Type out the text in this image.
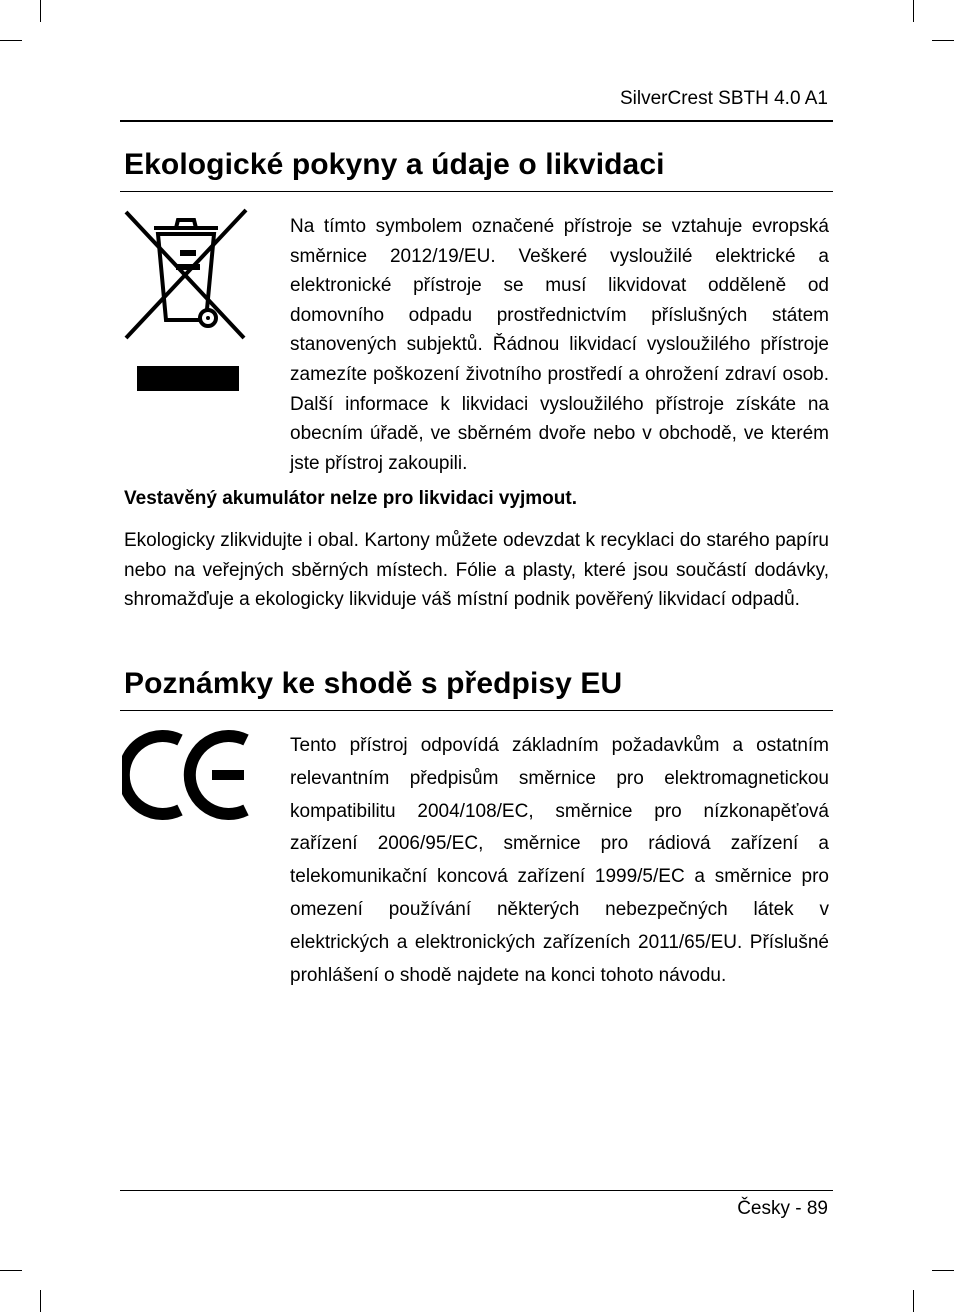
SilverCrest SBTH 4.0 A1
Ekologické pokyny a údaje o likvidaci

Na tímto symbolem označené přístroje se vztahuje evropská směrnice 2012/19/EU. Veškeré vysloužilé elektrické a elektronické přístroje se musí likvidovat odděleně od domovního odpadu prostřednictvím příslušných státem stanovených subjektů. Řádnou likvidací vysloužilého přístroje zamezíte poškození životního prostředí a ohrožení zdraví osob. Další informace k likvidaci vysloužilého přístroje získáte na obecním úřadě, ve sběrném dvoře nebo v obchodě, ve kterém jste přístroj zakoupili.

Vestavěný akumulátor nelze pro likvidaci vyjmout.

Ekologicky zlikvidujte i obal. Kartony můžete odevzdat k recyklaci do starého papíru nebo na veřejných sběrných místech. Fólie a plasty, které jsou součástí dodávky, shromažďuje a ekologicky likviduje váš místní podnik pověřený likvidací odpadů.

Poznámky ke shodě s předpisy EU

Tento přístroj odpovídá základním požadavkům a ostatním relevantním předpisům směrnice pro elektromagnetickou kompatibilitu 2004/108/EC, směrnice pro nízkonapěťová zařízení 2006/95/EC, směrnice pro rádiová zařízení a telekomunikační koncová zařízení 1999/5/EC a směrnice pro omezení používání některých nebezpečných látek v elektrických a elektronických zařízeních 2011/65/EU. Příslušné prohlášení o shodě najdete na konci tohoto návodu.

Česky - 89
